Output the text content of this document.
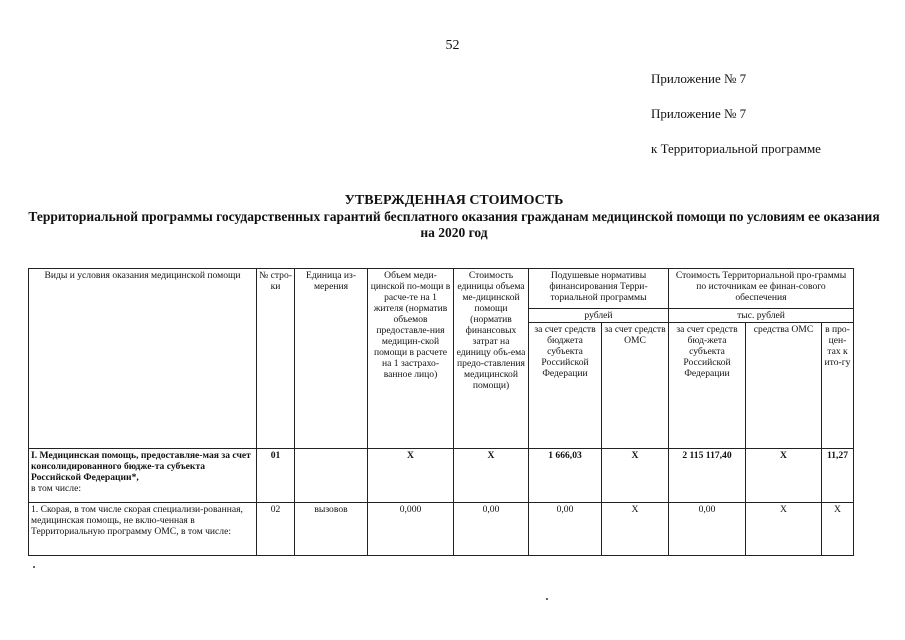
52
Приложение № 7
Приложение № 7
к Территориальной программе
УТВЕРЖДЕННАЯ СТОИМОСТЬ
Территориальной программы государственных гарантий бесплатного оказания гражданам медицинской помощи по условиям ее оказания на 2020 год
Виды и условия оказания медицинской помощи	№ стро-ки	Единица из-мерения	Объем меди-цинской по-мощи в расче-те на 1 жителя (норматив объемов предоставле-ния медицин-ской помощи в расчете на 1 застрахо-ванное лицо)	Стоимость единицы объема ме-дицинской помощи (норматив финансовых затрат на единицу объ-ема предо-ставления медицинской помощи)	Подушевые нормативы финансирования Терри-ториальной программы		Стоимость Территориальной про-граммы по источникам ее финан-сового обеспечения		
					рублей		тыс. рублей		
					за счет средств бюджета субъекта Российской Федерации	за счет средств ОМС	за счет средств бюд-жета субъекта Российской Федерации	средства ОМС	в про-цен-тах к ито-гу
I. Медицинская помощь, предоставляе-мая за счет консолидированного бюдже-та субъекта Российской Федерации*,
в том числе:	01		Х	Х	1 666,03	Х	2 115 117,40	Х	11,27
1. Скорая, в том числе скорая специализи-рованная, медицинская помощь, не вклю-ченная в Территориальную программу ОМС, в том числе:	02	вызовов	0,000	0,00	0,00	Х	0,00	Х	Х
